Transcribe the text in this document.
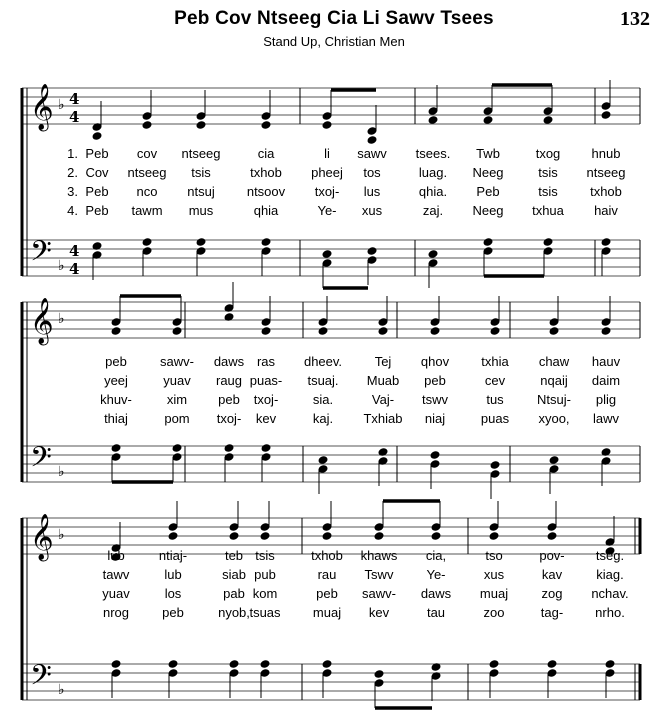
Peb Cov Ntseeg Cia Li Sawv Tsees
Stand Up, Christian Men
132
𝄞
𝄢
♭
♭
4
4
4
4
𝄞
𝄢
♭
♭
𝄞
𝄢
♭
♭
1. Peb cov ntseeg	cia	li sawv tsees. Twb	txog hnub
2. Cov ntseeg tsis	txhob pheej tos	luag. Neeg	tsis ntseeg
3. Peb nco ntsuj ntsoov txoj- lus	qhia. Peb	tsis txhob
4. Peb tawm mus	qhia	Ye- xus	zaj. Neeg txhua haiv
peb	sawv- daws ras dheev.	Tej qhov txhia chaw hauv
yeej	yuav raug puas- tsuaj. Muab peb	cev	nqaij daim
khuv-	xim peb txoj-	sia.	Vaj- tswv	tus	Ntsuj- plig
thiaj	pom txoj- kev	kaj. Txhiab niaj	puas xyoo, lawv
lub	ntiaj-	teb tsis	txhob khaws cia,	tso	pov- tseg.
tawv	lub	siab pub	rau Tswv	Ye-	xus	kav	kiag.
yuav	los	pab kom	peb sawv- daws muaj	zog nchav.
nrog	peb	nyob, tsuas muaj kev	tau	zoo	tag- nrho.
